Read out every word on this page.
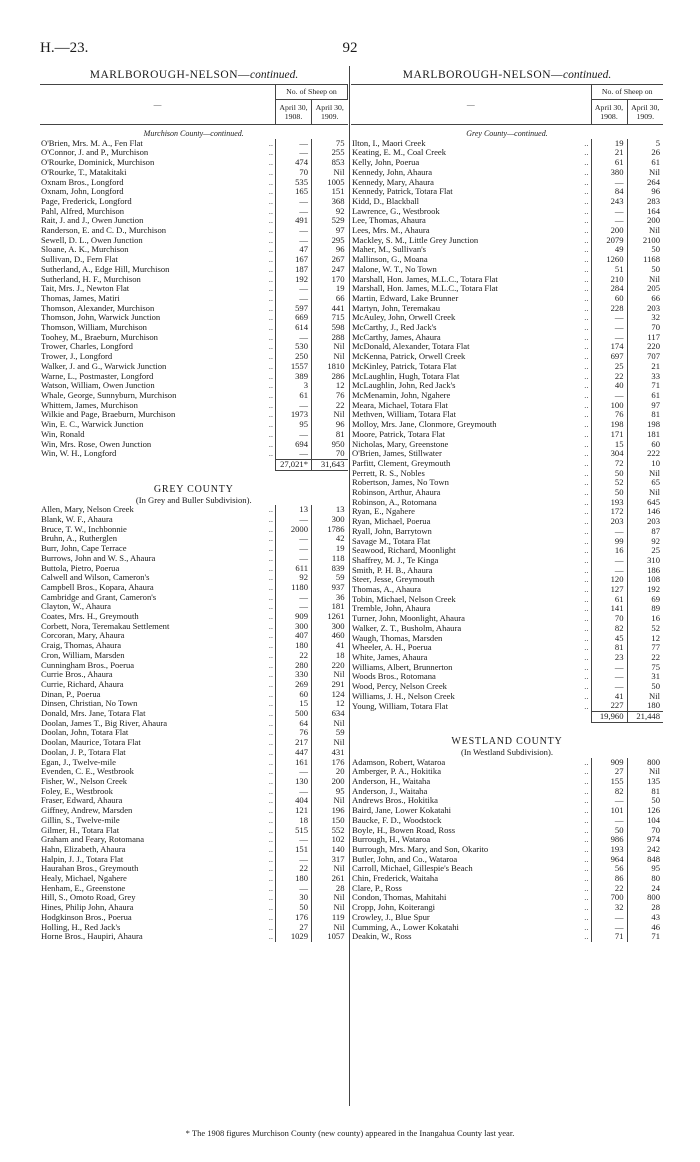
H.—23.	92
MARLBOROUGH-NELSON—continued.
—	No. of Sheep on	
	April 30,
1908.	April 30,
1909.
Murchison County—continued.		
O'Brien, Mrs. M. A., Fen Flat ..	—	75
O'Connor, J. and P., Murchison ..	—	255
O'Rourke, Dominick, Murchison ..	474	853
O'Rourke, T., Matakitaki ..	70	Nil
Oxnam Bros., Longford ..	535	1005
Oxnam, John, Longford ..	165	151
Page, Frederick, Longford ..	—	368
Pahl, Alfred, Murchison ..	—	92
Rait, J. and J., Owen Junction ..	491	529
Randerson, E. and C. D., Murchison ..	—	97
Sewell, D. L., Owen Junction ..	—	295
Sloane, A. K., Murchison ..	47	96
Sullivan, D., Fern Flat ..	167	267
Sutherland, A., Edge Hill, Murchison ..	187	247
Sutherland, H. F., Murchison ..	192	170
Tait, Mrs. J., Newton Flat ..	—	19
Thomas, James, Matiri ..	—	66
Thomson, Alexander, Murchison ..	597	441
Thomson, John, Warwick Junction ..	669	715
Thomson, William, Murchison ..	614	598
Toohey, M., Braeburn, Murchison ..	—	288
Trower, Charles, Longford ..	530	Nil
Trower, J., Longford ..	250	Nil
Walker, J. and G., Warwick Junction ..	1557	1810
Warne, L., Postmaster, Longford ..	389	286
Watson, William, Owen Junction ..	3	12
Whale, George, Sunnyburn, Murchison ..	61	76
Whittem, James, Murchison ..	—	22
Wilkie and Page, Braeburn, Murchison ..	1973	Nil
Win, E. C., Warwick Junction ..	95	96
Win, Ronald ..	—	81
Win, Mrs. Rose, Owen Junction ..	694	950
Win, W. H., Longford ..	—	70
	27,021*	31,643

GREY COUNTY		
(In Grey and Buller Subdivision).		
Allen, Mary, Nelson Creek ..	13	13
Blank, W. F., Ahaura ..	—	300
Bruce, T. W., Inchbonnie ..	2000	1786
Bruhn, A., Rutherglen ..	—	42
Burr, John, Cape Terrace ..	—	19
Burrows, John and W. S., Ahaura ..	—	118
Buttola, Pietro, Poerua ..	611	839
Calwell and Wilson, Cameron's ..	92	59
Campbell Bros., Kopara, Ahaura ..	1180	937
Cambridge and Grant, Cameron's ..	—	36
Clayton, W., Ahaura ..	—	181
Coates, Mrs. H., Greymouth ..	909	1261
Corbett, Nora, Teremakau Settlement ..	300	300
Corcoran, Mary, Ahaura ..	407	460
Craig, Thomas, Ahaura ..	180	41
Cron, William, Marsden ..	22	18
Cunningham Bros., Poerua ..	280	220
Currie Bros., Ahaura ..	330	Nil
Currie, Richard, Ahaura ..	269	291
Dinan, P., Poerua ..	60	124
Dinsen, Christian, No Town ..	15	12
Donald, Mrs. Jane, Totara Flat ..	500	634
Doolan, James T., Big River, Ahaura ..	64	Nil
Doolan, John, Totara Flat ..	76	59
Doolan, Maurice, Totara Flat ..	217	Nil
Doolan, J. P., Totara Flat ..	447	431
Egan, J., Twelve-mile ..	161	176
Evenden, C. E., Westbrook ..	—	20
Fisher, W., Nelson Creek ..	130	200
Foley, E., Westbrook ..	—	95
Fraser, Edward, Ahaura ..	404	Nil
Giffney, Andrew, Marsden ..	121	196
Gillin, S., Twelve-mile ..	18	150
Gilmer, H., Totara Flat ..	515	552
Graham and Feary, Rotomana ..	—	102
Hahn, Elizabeth, Ahaura ..	151	140
Halpin, J. J., Totara Flat ..	—	317
Haurahan Bros., Greymouth ..	22	Nil
Healy, Michael, Ngahere ..	180	261
Henham, E., Greenstone ..	—	28
Hill, S., Omoto Road, Grey ..	30	Nil
Hines, Philip John, Ahaura ..	50	Nil
Hodgkinson Bros., Poerua ..	176	119
Holling, H., Red Jack's ..	27	Nil
Horne Bros., Haupiri, Ahaura ..	1029	1057
MARLBOROUGH-NELSON—continued.
—	No. of Sheep on	
	April 30,
1908.	April 30,
1909.
Grey County—continued.		
Ilton, I., Maori Creek ..	19	5
Keating, E. M., Coal Creek ..	21	26
Kelly, John, Poerua ..	61	61
Kennedy, John, Ahaura ..	380	Nil
Kennedy, Mary, Ahaura ..	—	264
Kennedy, Patrick, Totara Flat ..	84	96
Kidd, D., Blackball ..	243	283
Lawrence, G., Westbrook ..	—	164
Lee, Thomas, Ahaura ..	—	200
Lees, Mrs. M., Ahaura ..	200	Nil
Mackley, S. M., Little Grey Junction ..	2079	2100
Maher, M., Sullivan's ..	49	50
Mallinson, G., Moana ..	1260	1168
Malone, W. T., No Town ..	51	50
Marshall, Hon. James, M.L.C., Totara Flat ..	210	Nil
Marshall, Hon. James, M.L.C., Totara Flat ..	284	205
Martin, Edward, Lake Brunner ..	60	66
Martyn, John, Teremakau ..	228	203
McAuley, John, Orwell Creek ..	—	32
McCarthy, J., Red Jack's ..	—	70
McCarthy, James, Ahaura ..	—	117
McDonald, Alexander, Totara Flat ..	174	220
McKenna, Patrick, Orwell Creek ..	697	707
McKinley, Patrick, Totara Flat ..	25	21
McLaughlin, Hugh, Totara Flat ..	22	33
McLaughlin, John, Red Jack's ..	40	71
McMenamin, John, Ngahere ..	—	61
Meara, Michael, Totara Flat ..	100	97
Methven, William, Totara Flat ..	76	81
Molloy, Mrs. Jane, Clonmore, Greymouth ..	198	198
Moore, Patrick, Totara Flat ..	171	181
Nicholas, Mary, Greenstone ..	15	60
O'Brien, James, Stillwater ..	304	222
Parfitt, Clement, Greymouth ..	72	10
Perrett, R. S., Nobles ..	50	Nil
Robertson, James, No Town ..	52	65
Robinson, Arthur, Ahaura ..	50	Nil
Robinson, A., Rotomana ..	193	645
Ryan, E., Ngahere ..	172	146
Ryan, Michael, Poerua ..	203	203
Ryall, John, Barrytown ..	—	87
Savage M., Totara Flat ..	99	92
Seawood, Richard, Moonlight ..	16	25
Shaffrey, M. J., Te Kinga ..	—	310
Smith, P. H. B., Ahaura ..	—	186
Steer, Jesse, Greymouth ..	120	108
Thomas, A., Ahaura ..	127	192
Tobin, Michael, Nelson Creek ..	61	69
Tremble, John, Ahaura ..	141	89
Turner, John, Moonlight, Ahaura ..	70	16
Walker, Z. T., Busholm, Ahaura ..	82	52
Waugh, Thomas, Marsden ..	45	12
Wheeler, A. H., Poerua ..	81	77
White, James, Ahaura ..	23	22
Williams, Albert, Brunnerton ..	—	75
Woods Bros., Rotomana ..	—	31
Wood, Percy, Nelson Creek ..	—	50
Williams, J. H., Nelson Creek ..	41	Nil
Young, William, Totara Flat ..	227	180
	19,960	21,448

WESTLAND COUNTY		
(In Westland Subdivision).		
Adamson, Robert, Wataroa ..	909	800
Amberger, P. A., Hokitika ..	27	Nil
Anderson, H., Waitaha ..	155	135
Anderson, J., Waitaha ..	82	81
Andrews Bros., Hokitika ..	—	50
Baird, Jane, Lower Kokatahi ..	101	126
Baucke, F. D., Woodstock ..	—	104
Boyle, H., Bowen Road, Ross ..	50	70
Burrough, H., Wataroa ..	986	974
Burrough, Mrs. Mary, and Son, Okarito ..	193	242
Butler, John, and Co., Wataroa ..	964	848
Carroll, Michael, Gillespie's Beach ..	56	95
Chin, Frederick, Waitaha ..	86	80
Clare, P., Ross ..	22	24
Condon, Thomas, Mahitahi ..	700	800
Cropp, John, Koiterangi ..	32	28
Crowley, J., Blue Spur ..	—	43
Cumming, A., Lower Kokatahi ..	—	46
Deakin, W., Ross ..	71	71
* The 1908 figures Murchison County (new county) appeared in the Inangahua County last year.
